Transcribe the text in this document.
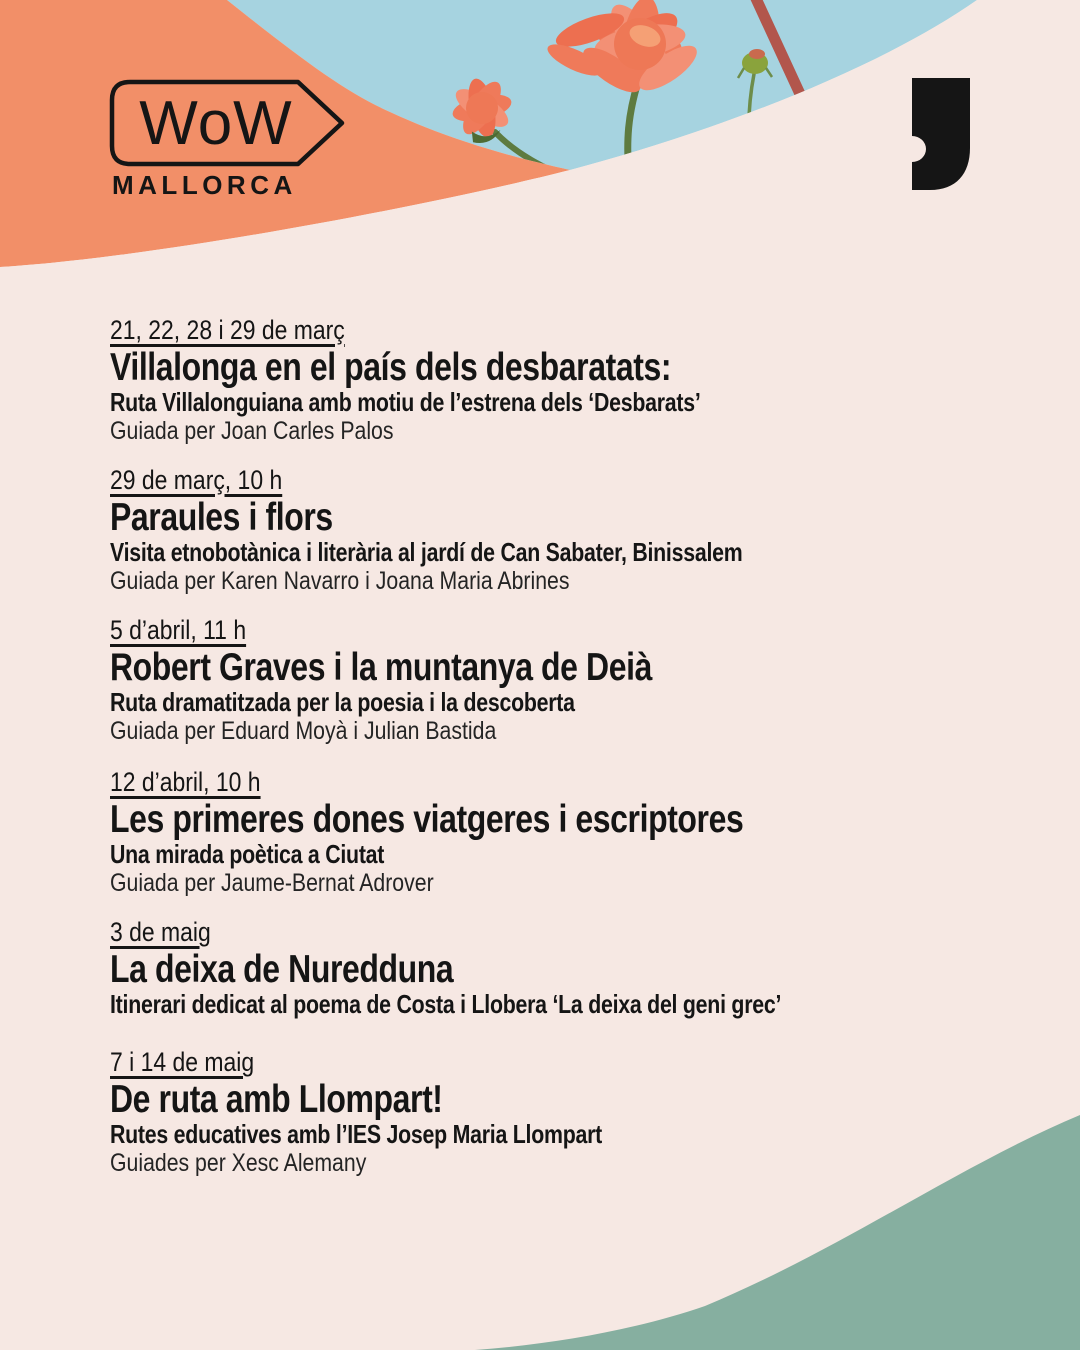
WoW
MALLORCA
21, 22, 28 i 29 de març
Villalonga en el país dels desbaratats:
Ruta Villalonguiana amb motiu de l’estrena dels ‘Desbarats’
Guiada per Joan Carles Palos
29 de març, 10 h
Paraules i flors
Visita etnobotànica i literària al jardí de Can Sabater, Binissalem
Guiada per Karen Navarro i Joana Maria Abrines
5 d’abril, 11 h
Robert Graves i la muntanya de Deià
Ruta dramatitzada per la poesia i la descoberta
Guiada per Eduard Moyà i Julian Bastida
12 d’abril, 10 h
Les primeres dones viatgeres i escriptores
Una mirada poètica a Ciutat
Guiada per Jaume-Bernat Adrover
3 de maig
La deixa de Nuredduna
Itinerari dedicat al poema de Costa i Llobera ‘La deixa del geni grec’
7 i 14 de maig
De ruta amb Llompart!
Rutes educatives amb l’IES Josep Maria Llompart
Guiades per Xesc Alemany
